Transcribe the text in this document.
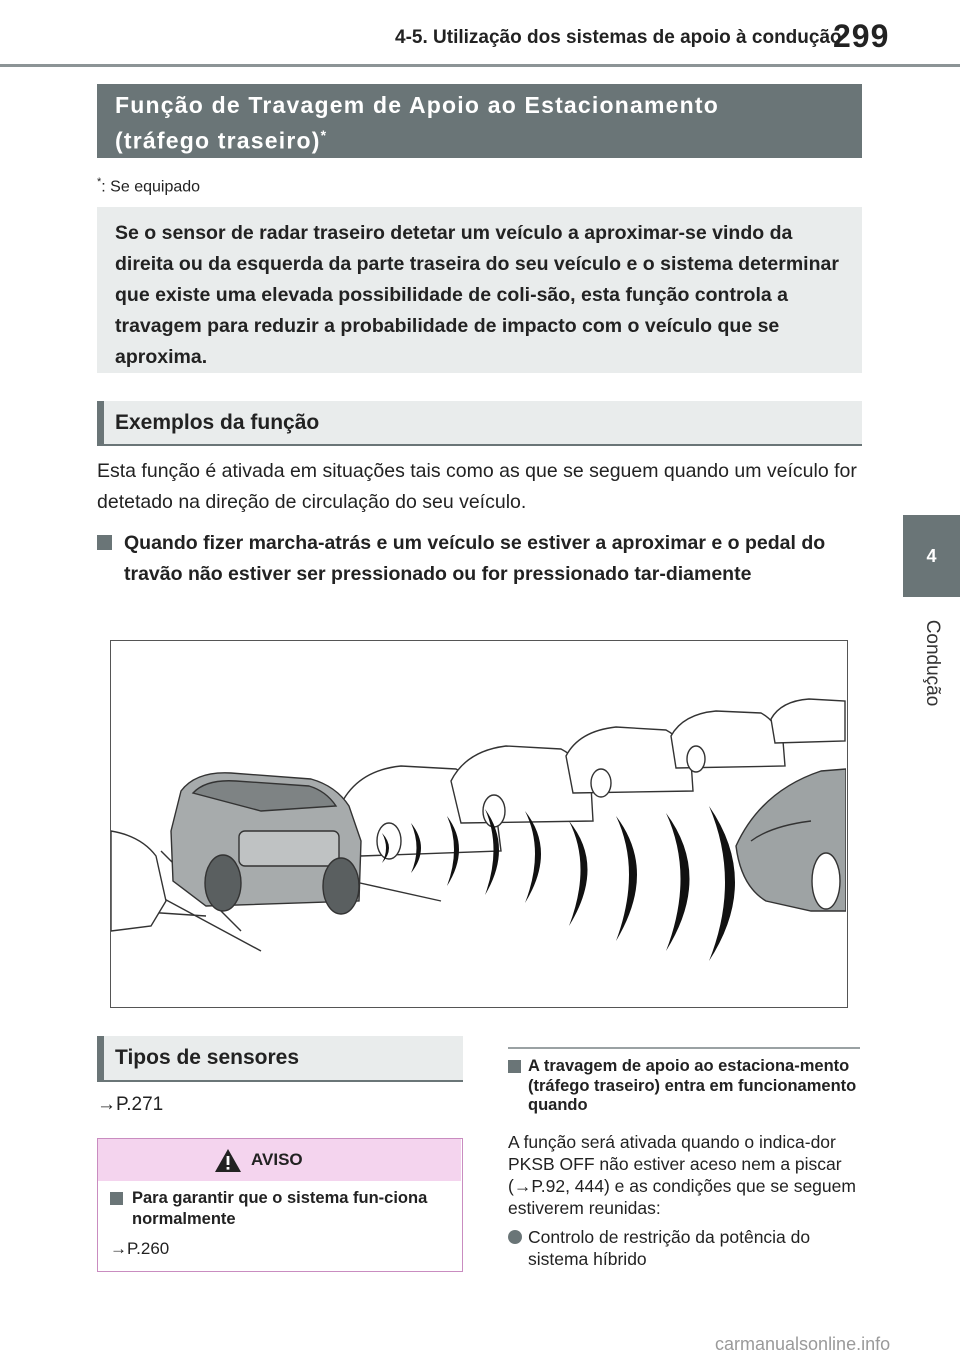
4-5. Utilização dos sistemas de apoio à condução
299
4
Condução
Função de Travagem de Apoio ao Estacionamento
(tráfego traseiro)*
*: Se equipado
Se o sensor de radar traseiro detetar um veículo a aproximar-se vindo da direita ou da esquerda da parte traseira do seu veículo e o sistema determinar que existe uma elevada possibilidade de coli-são, esta função controla a travagem para reduzir a probabilidade de impacto com o veículo que se aproxima.
Exemplos da função
Esta função é ativada em situações tais como as que se seguem quando um veículo for detetado na direção de circulação do seu veículo.
Quando fizer marcha-atrás e um veículo se estiver a aproximar e o pedal do travão não estiver ser pressionado ou for pressionado tar-diamente
Tipos de sensores
→P.271
AVISO
Para garantir que o sistema fun-ciona normalmente
→P.260
A travagem de apoio ao estaciona-mento (tráfego traseiro) entra em funcionamento quando
A função será ativada quando o indica-dor PKSB OFF não estiver aceso nem a piscar (→P.92, 444) e as condições que se seguem estiverem reunidas:
Controlo de restrição da potência do sistema híbrido
carmanualsonline.info
